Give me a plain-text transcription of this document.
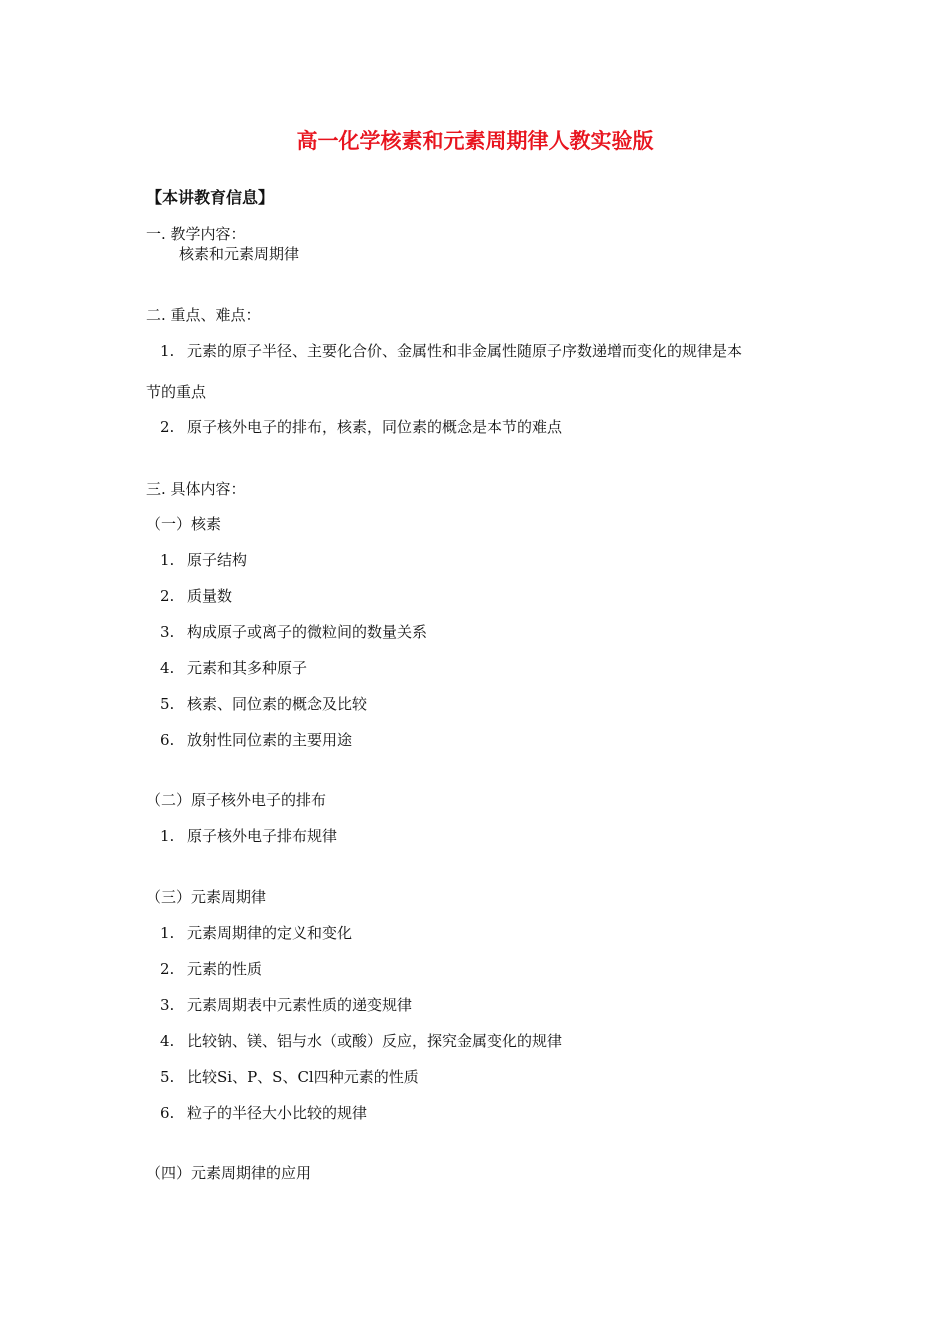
高一化学核素和元素周期律人教实验版
【本讲教育信息】
一. 教学内容：
核素和元素周期律
二. 重点、难点：
1. 元素的原子半径、主要化合价、金属性和非金属性随原子序数递增而变化的规律是本
节的重点
2. 原子核外电子的排布，核素，同位素的概念是本节的难点
三. 具体内容：
（一）核素
1. 原子结构
2. 质量数
3. 构成原子或离子的微粒间的数量关系
4. 元素和其多种原子
5. 核素、同位素的概念及比较
6. 放射性同位素的主要用途
（二）原子核外电子的排布
1. 原子核外电子排布规律
（三）元素周期律
1. 元素周期律的定义和变化
2. 元素的性质
3. 元素周期表中元素性质的递变规律
4. 比较钠、镁、铝与水（或酸）反应，探究金属变化的规律
5. 比较Si、P、S、Cl四种元素的性质
6. 粒子的半径大小比较的规律
（四）元素周期律的应用
